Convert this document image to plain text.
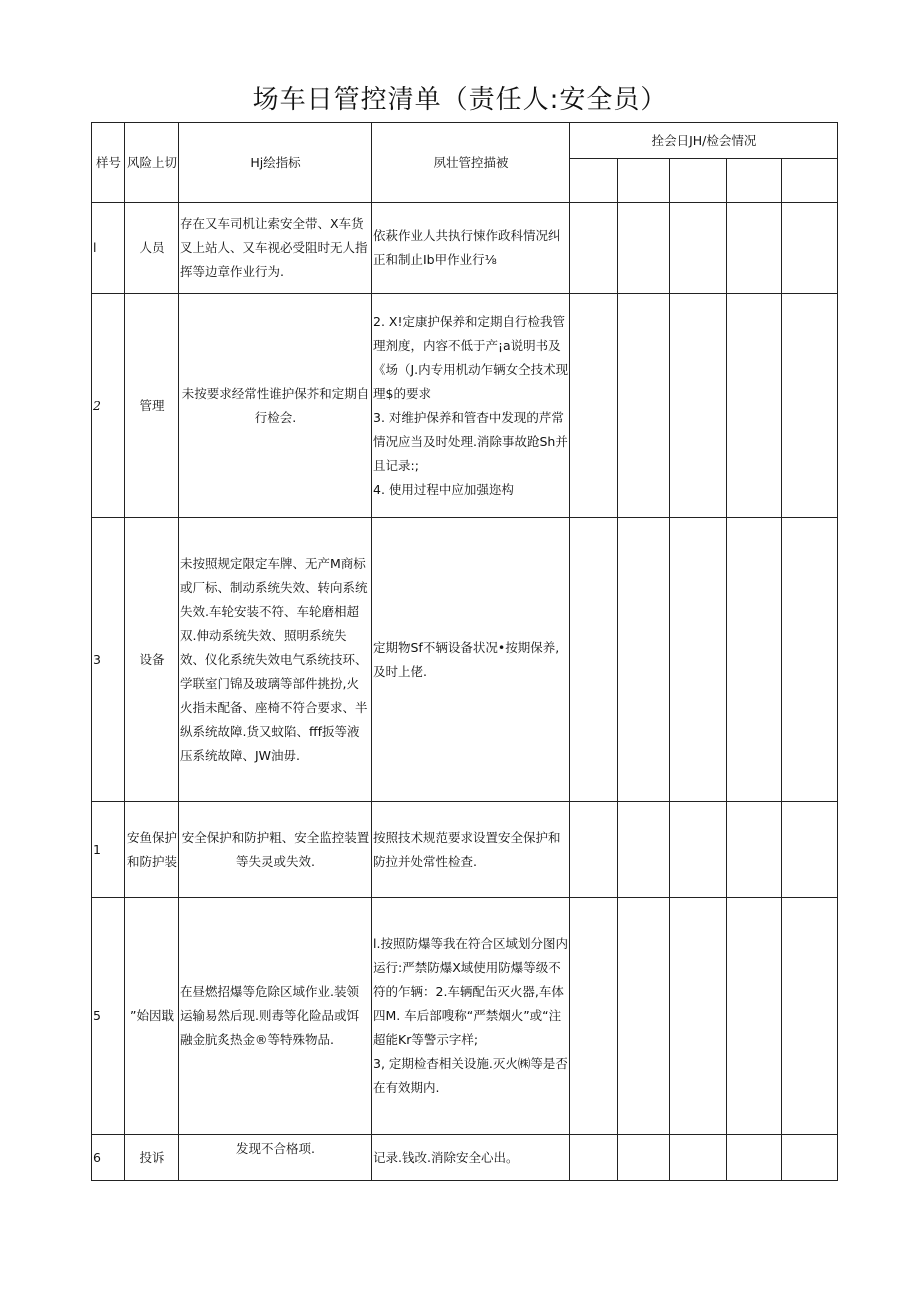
场车日管控清单（责任人:安全员）
样号	风险上切	Hj绘指标	夙壮管控描被	拴会日JH/检会情况				

l	人员	存在又车司机让索安全带、X车货叉上站人、又车视必受阻时无人指挥等边章作业行为.	依萩作业人共执行悚作政科情况纠正和制止Ib甲作业行⅛					

2	管理	未按要求经常性谁护保芥和定期自行检会.	2. X!定康护保养和定期自行检我管理剂度，内容不低于产¡a说明书及《场（J.内专用机动乍辆女仝技术现理$的要求
3. 对维护保养和管杳中发现的芹常情况应当及时处理.消除事故跄Sh并且记录:;
4. 使用过程中应加强迩构					

3	设备	未按照规定限定车牌、无产M商标或厂标、制动系统失效、转向系统失效.车轮安装不符、车轮磨相超双.伸动系统失效、照明系统失效、仪化系统失效电气系统技环、学联室门锦及玻璃等部件挑扮,火火指未配备、座椅不符合要求、半纵系统故障.货又蚊陷、fff扳等液压系统故障、JW油毋.	定期物Sf不辆设备状况•按期保养,及时上佬.					

1	安鱼保护和防护装	安全保护和防护粗、安全监控装置等失灵或失效.	按照技术规范要求设置安全保护和防拉并处常性检查.					

5	”始因戢	在昼燃招爆等危除区域作业.装领运输易然后现.则毒等化险品或饵融金肮炙热金®等特殊物品.	l.按照防爆等我在符合区域划分图内运行:严禁防爆X域使用防爆等级不符的乍辆：2.车辆配缶灭火器,车体四M. 车后部嗖称“严禁烟火”或“注超能Kr等警示字样;
3, 定期检杳相关设施.灭火㈱等是否在有效期内.					

6	投诉	发现不合格项.	记录.钱改.消除安全心出。					
